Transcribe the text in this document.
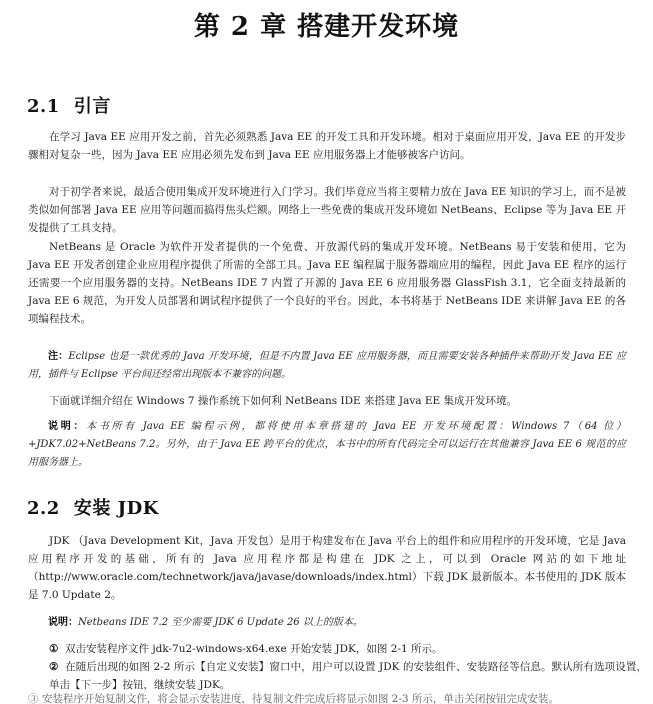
第 2 章 搭建开发环境
2.1 引言

在学习 Java EE 应用开发之前，首先必须熟悉 Java EE 的开发工具和开发环境。相对于桌面应用开发，Java EE 的开发步骤相对复杂一些，因为 Java EE 应用必须先发布到 Java EE 应用服务器上才能够被客户访问。

对于初学者来说，最适合使用集成开发环境进行入门学习。我们毕竟应当将主要精力放在 Java EE 知识的学习上，而不是被类似如何部署 Java EE 应用等问题而搞得焦头烂额。网络上一些免费的集成开发环境如 NetBeans、Eclipse 等为 Java EE 开发提供了工具支持。

NetBeans 是 Oracle 为软件开发者提供的一个免费、开放源代码的集成开发环境。NetBeans 易于安装和使用，它为 Java EE 开发者创建企业应用程序提供了所需的全部工具。Java EE 编程属于服务器端应用的编程，因此 Java EE 程序的运行还需要一个应用服务器的支持。NetBeans IDE 7 内置了开源的 Java EE 6 应用服务器 GlassFish 3.1，它全面支持最新的 Java EE 6 规范，为开发人员部署和调试程序提供了一个良好的平台。因此，本书将基于 NetBeans IDE 来讲解 Java EE 的各项编程技术。

注：Eclipse 也是一款优秀的 Java 开发环境，但是不内置 Java EE 应用服务器，而且需要安装各种插件来帮助开发 Java EE 应用，插件与 Eclipse 平台间还经常出现版本不兼容的问题。

下面就详细介绍在 Windows 7 操作系统下如何利 NetBeans IDE 来搭建 Java EE 集成开发环境。

说明：本书所有 Java EE 编程示例，都将使用本章搭建的 Java EE 开发环境配置：Windows 7（64 位）+JDK7.02+NetBeans 7.2。另外，由于 Java EE 跨平台的优点，本书中的所有代码完全可以运行在其他兼容 Java EE 6 规范的应用服务器上。

2.2 安装 JDK

JDK （Java Development Kit，Java 开发包）是用于构建发布在 Java 平台上的组件和应用程序的开发环境，它是 Java 应用程序开发的基础，所有的 Java 应用程序都是构建在 JDK 之上，可以到 Oracle 网站的如下地址（http://www.oracle.com/technetwork/java/javase/downloads/index.html）下载 JDK 最新版本。本书使用的 JDK 版本是 7.0 Update 2。

说明：Netbeans IDE 7.2 至少需要 JDK 6 Update 26 以上的版本。

① 双击安装程序文件 jdk-7u2-windows-x64.exe 开始安装 JDK，如图 2-1 所示。

② 在随后出现的如图 2-2 所示【自定义安装】窗口中，用户可以设置 JDK 的安装组件、安装路径等信息。默认所有选项设置，单击【下一步】按钮，继续安装 JDK。

③ 安装程序开始复制文件，将会显示安装进度，待复制文件完成后将显示如图 2-3 所示，单击关闭按钮完成安装。
